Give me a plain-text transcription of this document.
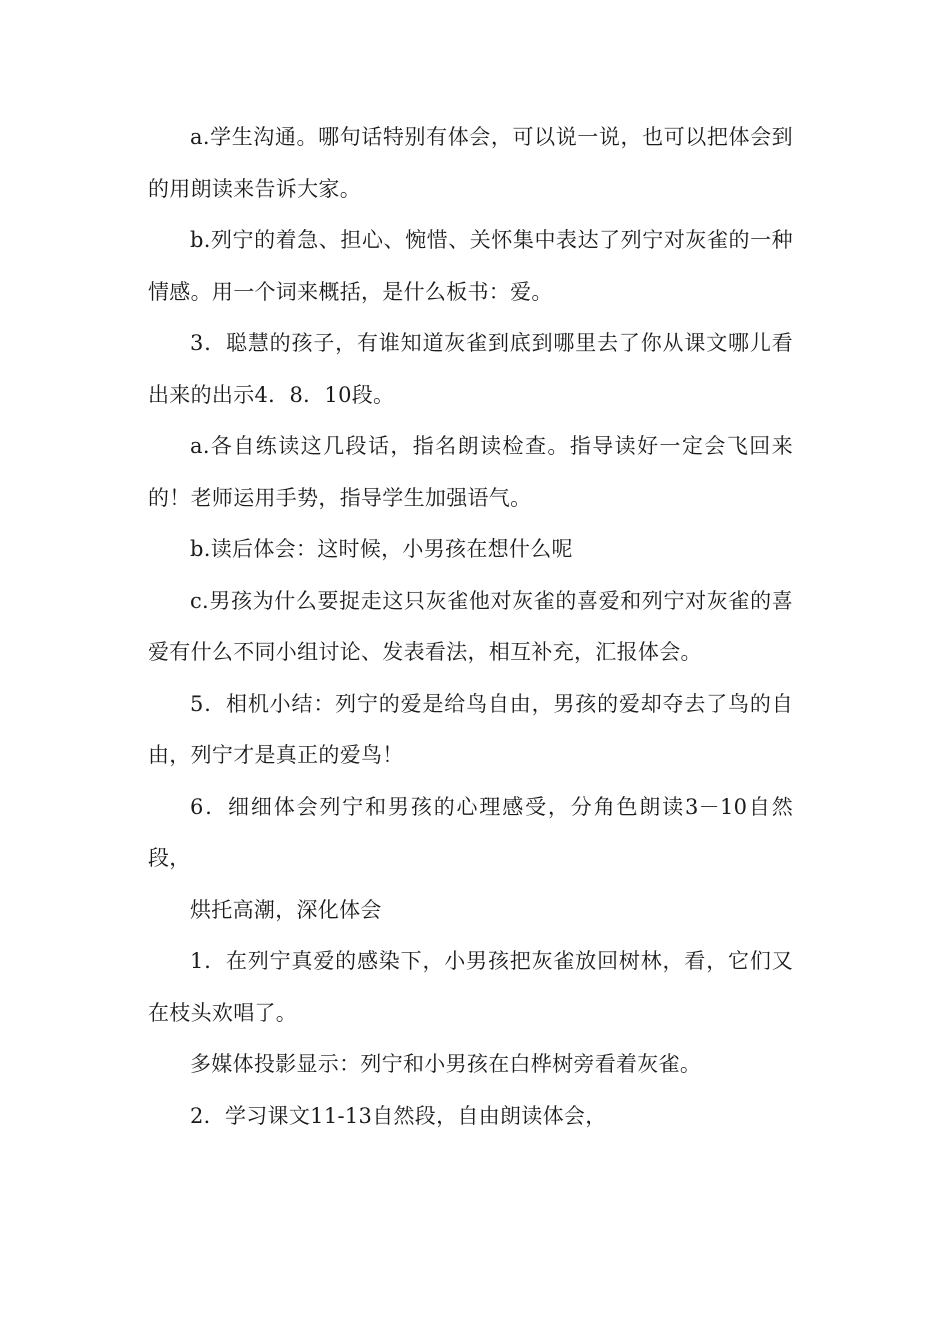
a.学生沟通。哪句话特别有体会，可以说一说，也可以把体会到的用朗读来告诉大家。

b.列宁的着急、担心、惋惜、关怀集中表达了列宁对灰雀的一种情感。用一个词来概括，是什么板书：爱。

3．聪慧的孩子，有谁知道灰雀到底到哪里去了你从课文哪儿看出来的出示4．8．10段。

a.各自练读这几段话，指名朗读检查。指导读好一定会飞回来的！老师运用手势，指导学生加强语气。

b.读后体会：这时候，小男孩在想什么呢

c.男孩为什么要捉走这只灰雀他对灰雀的喜爱和列宁对灰雀的喜爱有什么不同小组讨论、发表看法，相互补充，汇报体会。

5．相机小结：列宁的爱是给鸟自由，男孩的爱却夺去了鸟的自由，列宁才是真正的爱鸟！

6．细细体会列宁和男孩的心理感受，分角色朗读3－10自然段，

烘托高潮，深化体会

1．在列宁真爱的感染下，小男孩把灰雀放回树林，看，它们又在枝头欢唱了。

多媒体投影显示：列宁和小男孩在白桦树旁看着灰雀。

2．学习课文11-13自然段，自由朗读体会，
